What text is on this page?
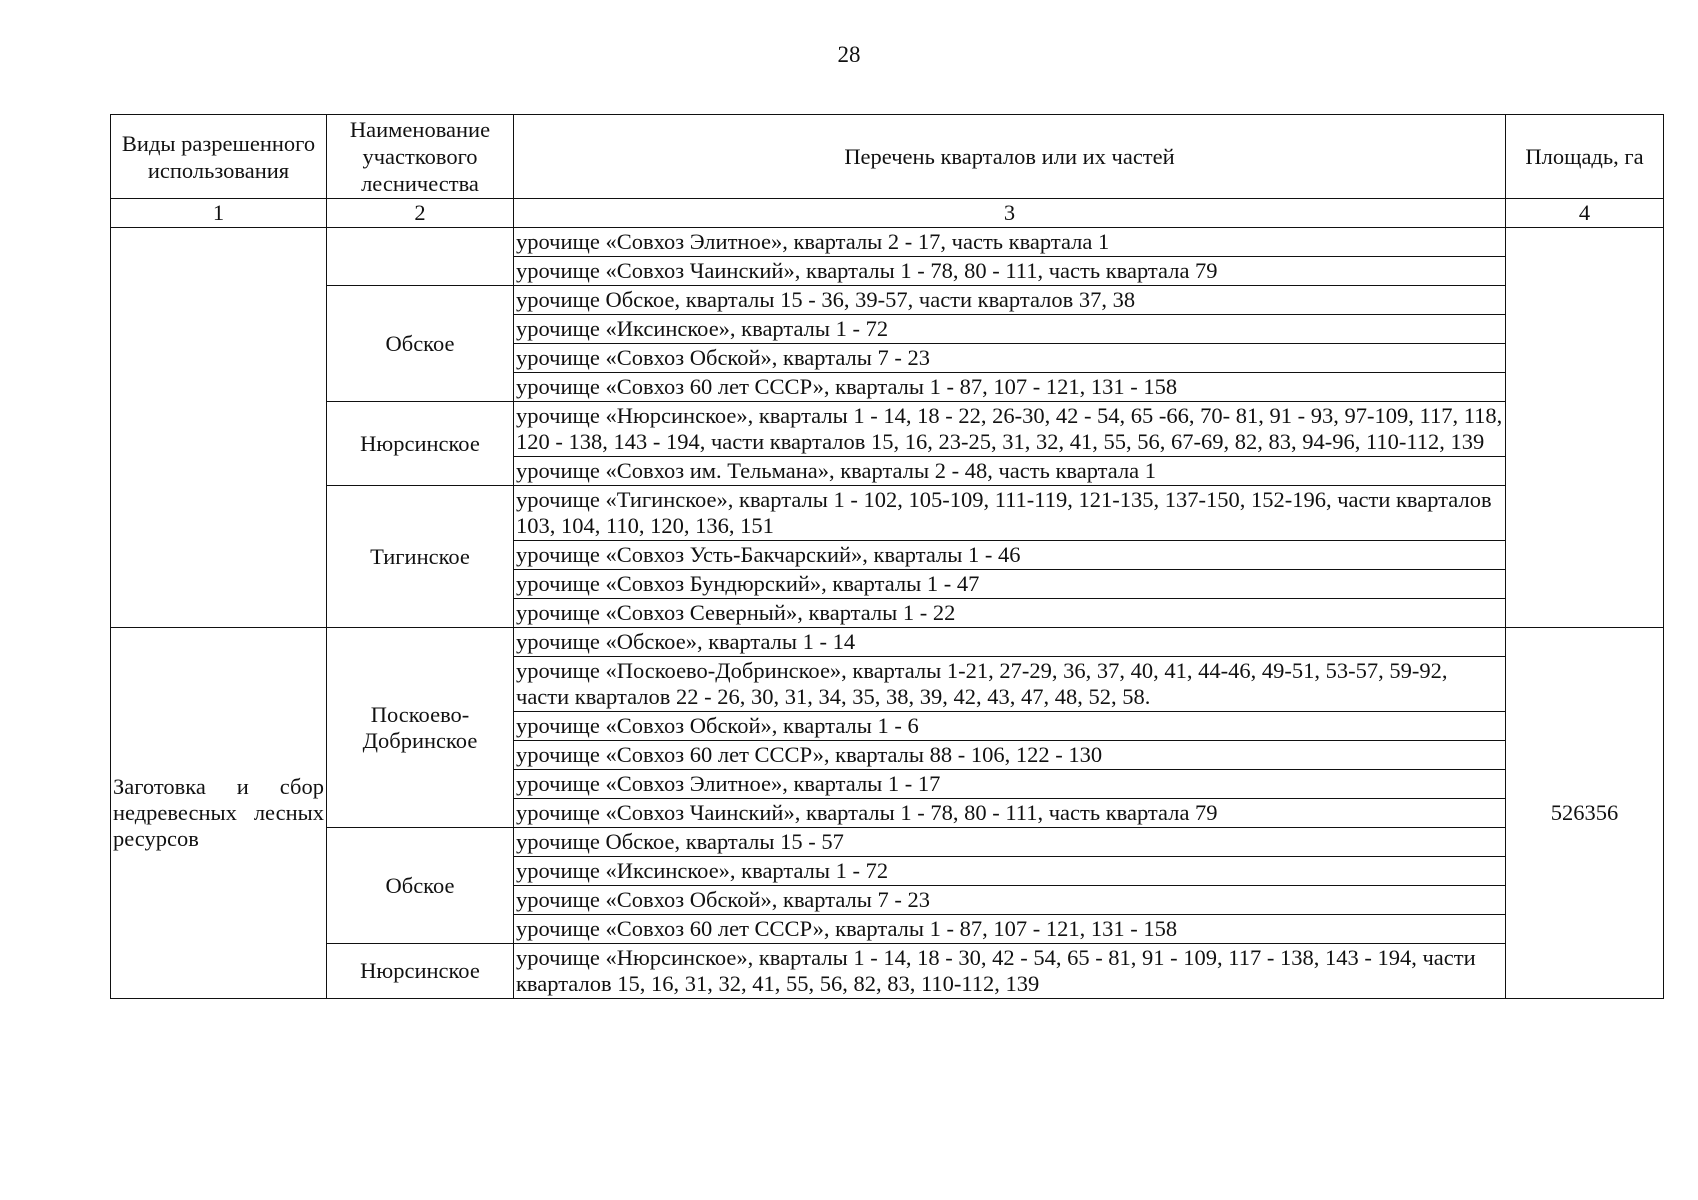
28
Виды разрешенного использования	Наименование участкового лесничества	Перечень кварталов или их частей	Площадь, га
1	2	3	4
		урочище «Совхоз Элитное», кварталы 2 - 17, часть квартала 1	
		урочище «Совхоз Чаинский», кварталы 1 - 78, 80 - 111, часть квартала 79	
	Обское	урочище Обское, кварталы 15 - 36, 39-57, части кварталов 37, 38	
		урочище «Иксинское», кварталы 1 - 72	
		урочище «Совхоз Обской», кварталы 7 - 23	
		урочище «Совхоз 60 лет СССР», кварталы 1 - 87, 107 - 121, 131 - 158	
	Нюрсинское	урочище «Нюрсинское», кварталы 1 - 14, 18 - 22, 26-30, 42 - 54, 65 -66, 70- 81, 91 - 93, 97-109, 117, 118, 120 - 138, 143 - 194, части кварталов 15, 16, 23-25, 31, 32, 41, 55, 56, 67-69, 82, 83, 94-96, 110-112, 139	
		урочище «Совхоз им. Тельмана», кварталы 2 - 48, часть квартала 1	
	Тигинское	урочище «Тигинское», кварталы 1 - 102, 105-109, 111-119, 121-135, 137-150, 152-196, части кварталов 103, 104, 110, 120, 136, 151	
		урочище «Совхоз Усть-Бакчарский», кварталы 1 - 46	
		урочище «Совхоз Бундюрский», кварталы 1 - 47	
		урочище «Совхоз Северный», кварталы 1 - 22	
Заготовка и сбор недревесных лесных ресурсов	Поскоево-Добринское	урочище «Обское», кварталы 1 - 14	526356
		урочище «Поскоево-Добринское», кварталы 1-21, 27-29, 36, 37, 40, 41, 44-46, 49-51, 53-57, 59-92, части кварталов 22 - 26, 30, 31, 34, 35, 38, 39, 42, 43, 47, 48, 52, 58.	
		урочище «Совхоз Обской», кварталы 1 - 6	
		урочище «Совхоз 60 лет СССР», кварталы 88 - 106, 122 - 130	
		урочище «Совхоз Элитное», кварталы 1 - 17	
		урочище «Совхоз Чаинский», кварталы 1 - 78, 80 - 111, часть квартала 79	
	Обское	урочище Обское, кварталы 15 - 57	
		урочище «Иксинское», кварталы 1 - 72	
		урочище «Совхоз Обской», кварталы 7 - 23	
		урочище «Совхоз 60 лет СССР», кварталы 1 - 87, 107 - 121, 131 - 158	
	Нюрсинское	урочище «Нюрсинское», кварталы 1 - 14, 18 - 30, 42 - 54, 65 - 81, 91 - 109, 117 - 138, 143 - 194, части кварталов 15, 16, 31, 32, 41, 55, 56, 82, 83, 110-112, 139	
